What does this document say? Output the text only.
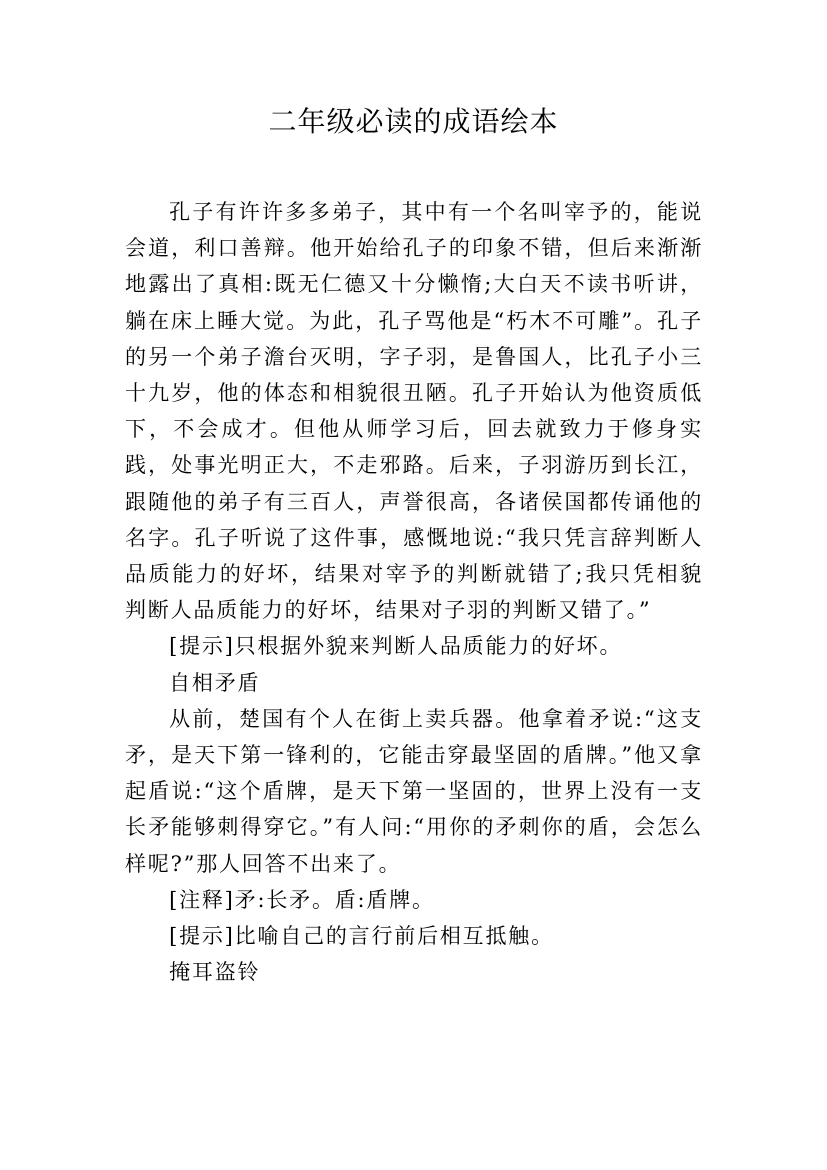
二年级必读的成语绘本

孔子有许许多多弟子，其中有一个名叫宰予的，能说会道，利口善辩。他开始给孔子的印象不错，但后来渐渐地露出了真相:既无仁德又十分懒惰;大白天不读书听讲，躺在床上睡大觉。为此，孔子骂他是“朽木不可雕”。孔子的另一个弟子澹台灭明，字子羽，是鲁国人，比孔子小三十九岁，他的体态和相貌很丑陋。孔子开始认为他资质低下，不会成才。但他从师学习后，回去就致力于修身实践，处事光明正大，不走邪路。后来，子羽游历到长江，跟随他的弟子有三百人，声誉很高，各诸侯国都传诵他的名字。孔子听说了这件事，感慨地说:“我只凭言辞判断人品质能力的好坏，结果对宰予的判断就错了;我只凭相貌判断人品质能力的好坏，结果对子羽的判断又错了。”

[提示]只根据外貌来判断人品质能力的好坏。

自相矛盾

从前，楚国有个人在街上卖兵器。他拿着矛说:“这支矛，是天下第一锋利的，它能击穿最坚固的盾牌。”他又拿起盾说:“这个盾牌，是天下第一坚固的，世界上没有一支长矛能够刺得穿它。”有人问:“用你的矛刺你的盾，会怎么样呢?”那人回答不出来了。

[注释]矛:长矛。盾:盾牌。

[提示]比喻自己的言行前后相互抵触。

掩耳盗铃
